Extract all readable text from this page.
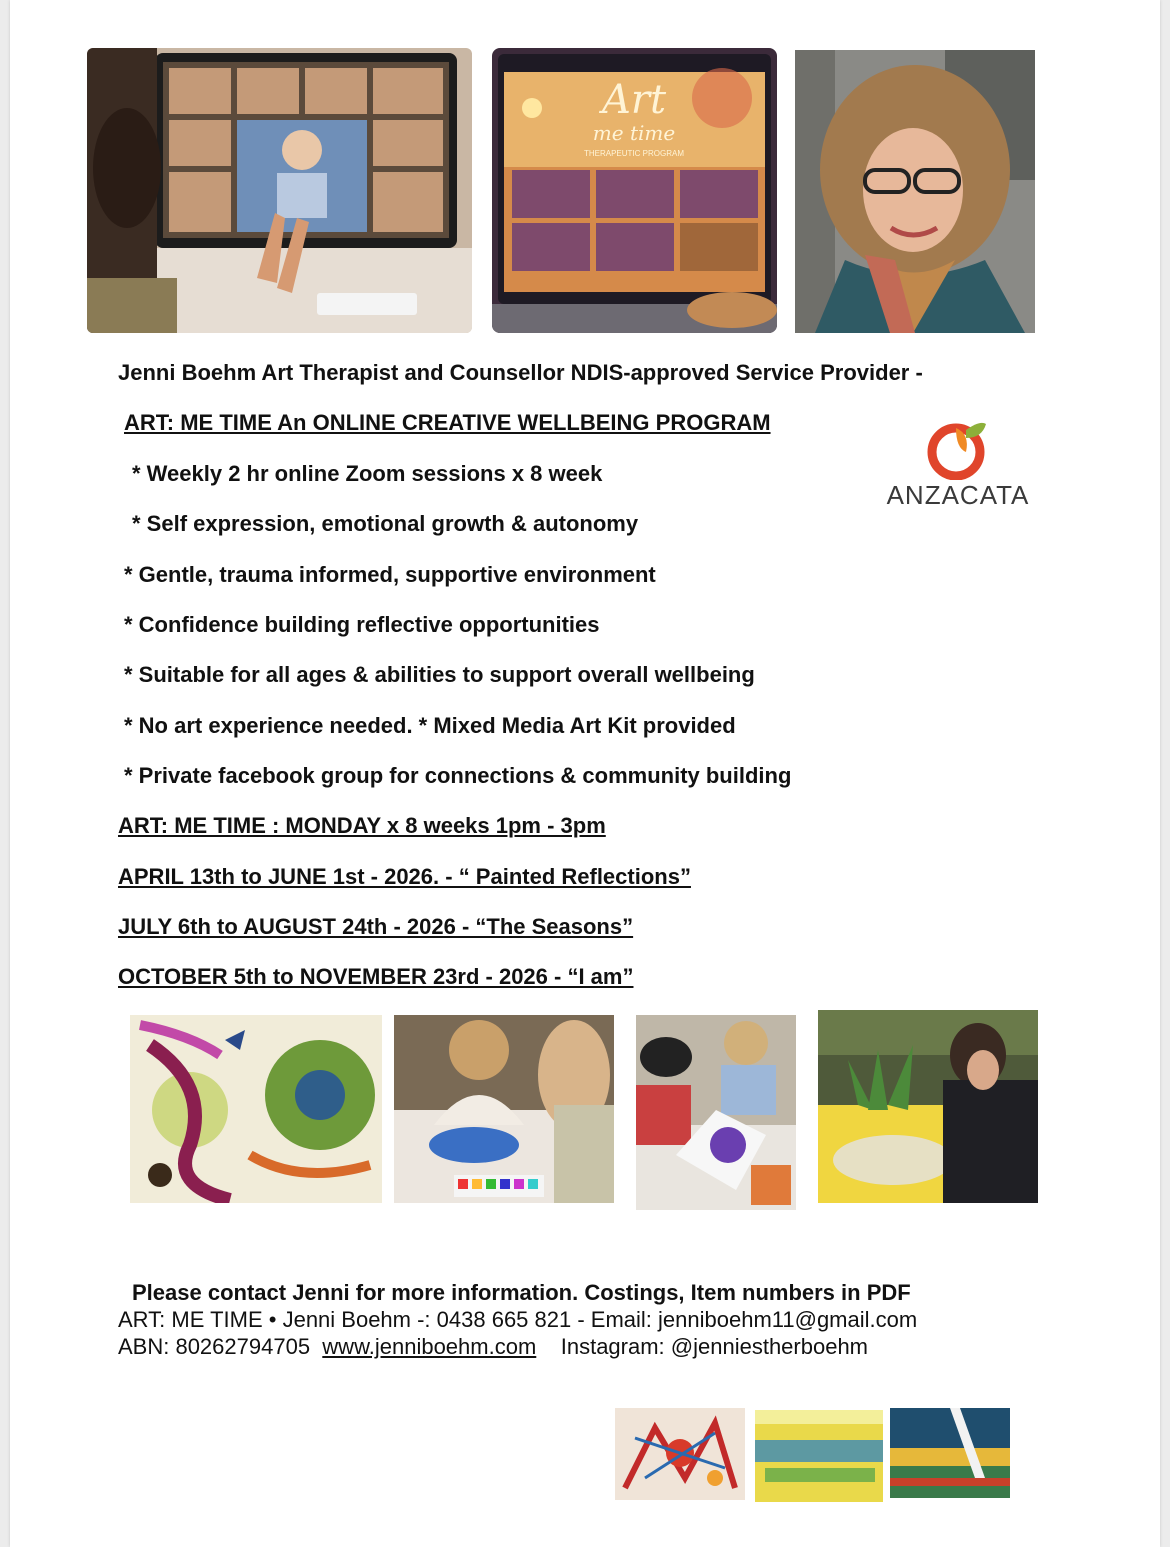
Art
me time
THERAPEUTIC PROGRAM
Jenni Boehm Art Therapist and Counsellor NDIS-approved Service Provider -
ART: ME TIME An ONLINE CREATIVE WELLBEING PROGRAM
ANZACATA
* Weekly 2 hr online Zoom sessions x 8 week
* Self expression, emotional growth & autonomy
* Gentle, trauma informed, supportive environment
* Confidence building reflective opportunities
* Suitable for all ages & abilities to support overall wellbeing
* No art experience needed. * Mixed Media Art Kit provided
* Private facebook group for connections & community building
ART: ME TIME : MONDAY x 8 weeks 1pm - 3pm
APRIL 13th to JUNE 1st - 2026. - “ Painted Reflections”
JULY 6th to AUGUST 24th - 2026 - “The Seasons”
OCTOBER 5th to NOVEMBER 23rd - 2026 - “I am”
Please contact Jenni for more information. Costings, Item numbers in PDF
ART: ME TIME • Jenni Boehm -: 0438 665 821 - Email: jenniboehm11@gmail.com
ABN: 80262794705 www.jenniboehm.com Instagram: @jenniestherboehm
